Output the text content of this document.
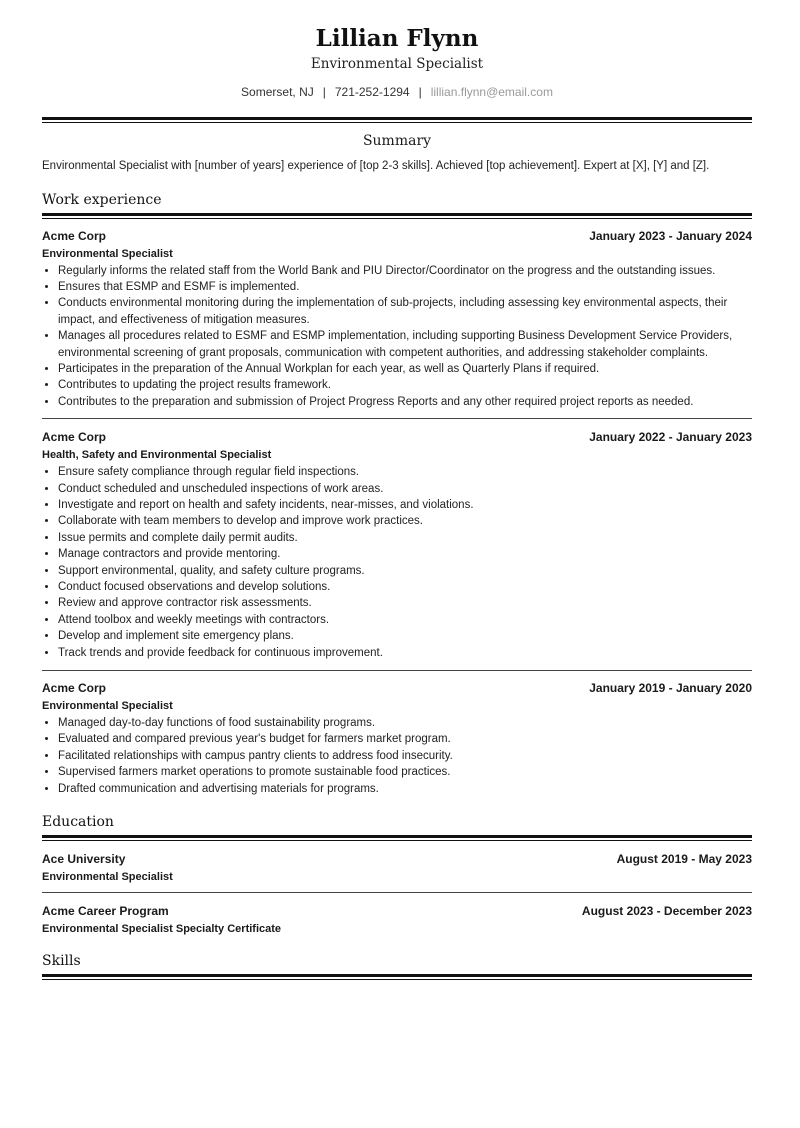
Lillian Flynn
Environmental Specialist
Somerset, NJ | 721-252-1294 | lillian.flynn@email.com
Summary
Environmental Specialist with [number of years] experience of [top 2-3 skills]. Achieved [top achievement]. Expert at [X], [Y] and [Z].
Work experience
Acme Corp	January 2023 - January 2024
Environmental Specialist
• Regularly informs the related staff from the World Bank and PIU Director/Coordinator on the progress and the outstanding issues.
• Ensures that ESMP and ESMF is implemented.
• Conducts environmental monitoring during the implementation of sub-projects, including assessing key environmental aspects, their impact, and effectiveness of mitigation measures.
• Manages all procedures related to ESMF and ESMP implementation, including supporting Business Development Service Providers, environmental screening of grant proposals, communication with competent authorities, and addressing stakeholder complaints.
• Participates in the preparation of the Annual Workplan for each year, as well as Quarterly Plans if required.
• Contributes to updating the project results framework.
• Contributes to the preparation and submission of Project Progress Reports and any other required project reports as needed.
Acme Corp	January 2022 - January 2023
Health, Safety and Environmental Specialist
• Ensure safety compliance through regular field inspections.
• Conduct scheduled and unscheduled inspections of work areas.
• Investigate and report on health and safety incidents, near-misses, and violations.
• Collaborate with team members to develop and improve work practices.
• Issue permits and complete daily permit audits.
• Manage contractors and provide mentoring.
• Support environmental, quality, and safety culture programs.
• Conduct focused observations and develop solutions.
• Review and approve contractor risk assessments.
• Attend toolbox and weekly meetings with contractors.
• Develop and implement site emergency plans.
• Track trends and provide feedback for continuous improvement.
Acme Corp	January 2019 - January 2020
Environmental Specialist
• Managed day-to-day functions of food sustainability programs.
• Evaluated and compared previous year's budget for farmers market program.
• Facilitated relationships with campus pantry clients to address food insecurity.
• Supervised farmers market operations to promote sustainable food practices.
• Drafted communication and advertising materials for programs.
Education
Ace University	August 2019 - May 2023
Environmental Specialist
Acme Career Program	August 2023 - December 2023
Environmental Specialist Specialty Certificate
Skills
